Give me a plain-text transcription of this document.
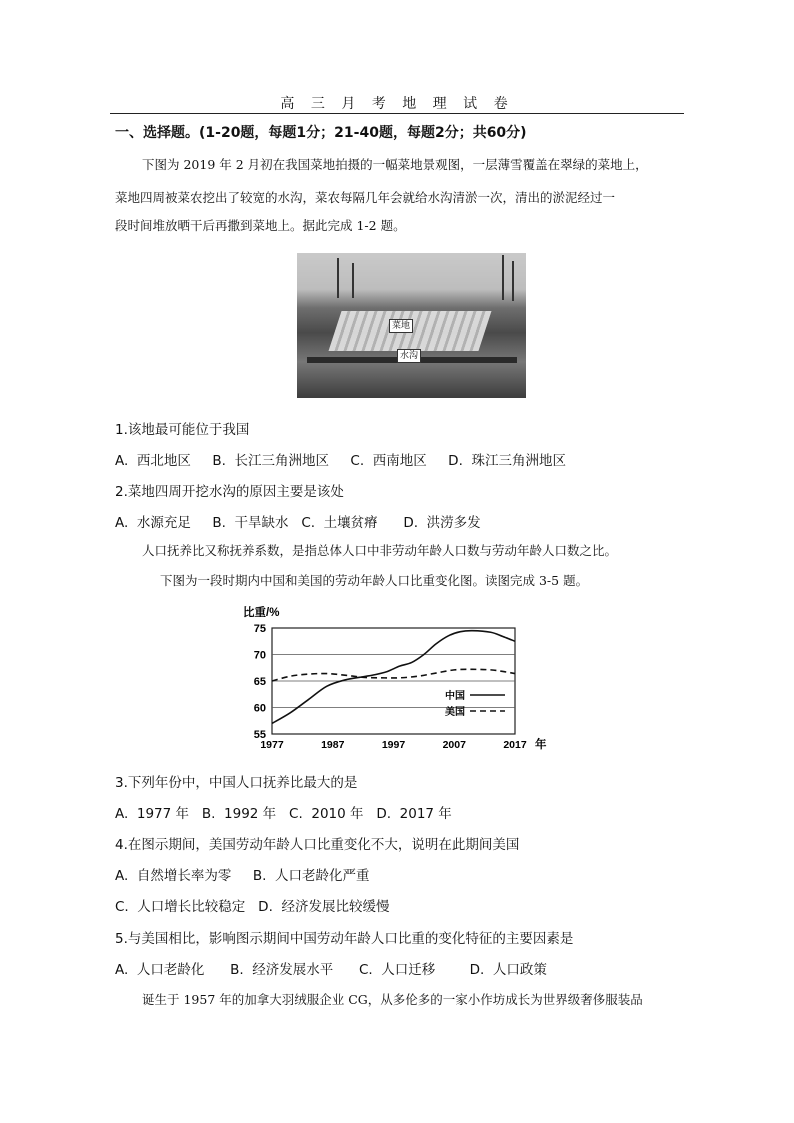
高 三 月 考 地 理 试 卷
一、选择题。(1-20题，每题1分；21-40题，每题2分；共60分)
下图为 2019 年 2 月初在我国菜地拍摄的一幅菜地景观图，一层薄雪覆盖在翠绿的菜地上，
菜地四周被菜农挖出了较宽的水沟，菜农每隔几年会就给水沟清淤一次，清出的淤泥经过一
段时间堆放晒干后再撒到菜地上。据此完成 1-2 题。
菜地
水沟
1.该地最可能位于我国
A.  西北地区     B.  长江三角洲地区     C.  西南地区     D.  珠江三角洲地区
2.菜地四周开挖水沟的原因主要是该处
A.  水源充足     B.  干旱缺水   C.  土壤贫瘠      D.  洪涝多发
人口抚养比又称抚养系数，是指总体人口中非劳动年龄人口数与劳动年龄人口数之比。
下图为一段时期内中国和美国的劳动年龄人口比重变化图。读图完成 3-5 题。
75
70
65
60
55
1977	1987	1997	2007	2017
比重/%
年
中国
美国
3.下列年份中，中国人口抚养比最大的是
A.  1977 年   B.  1992 年   C.  2010 年   D.  2017 年
4.在图示期间，美国劳动年龄人口比重变化不大，说明在此期间美国
A.  自然增长率为零     B.  人口老龄化严重
C.  人口增长比较稳定   D.  经济发展比较缓慢
5.与美国相比，影响图示期间中国劳动年龄人口比重的变化特征的主要因素是
A.  人口老龄化      B.  经济发展水平      C.  人口迁移        D.  人口政策
诞生于 1957 年的加拿大羽绒服企业 CG，从多伦多的一家小作坊成长为世界级奢侈服装品
